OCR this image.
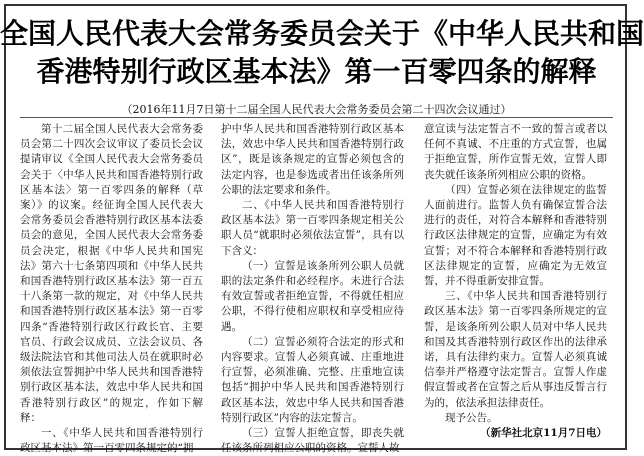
全国人民代表大会常务委员会关于《中华人民共和国
香港特别行政区基本法》第一百零四条的解释
（2016年11月7日第十二届全国人民代表大会常务委员会第二十四次会议通过）

第十二届全国人民代表大会常务委员会第二十四次会议审议了委员长会议提请审议《全国人民代表大会常务委员会关于〈中华人民共和国香港特别行政区基本法〉第一百零四条的解释（草案）》的议案。经征询全国人民代表大会常务委员会香港特别行政区基本法委员会的意见，全国人民代表大会常务委员会决定，根据《中华人民共和国宪法》第六十七条第四项和《中华人民共和国香港特别行政区基本法》第一百五十八条第一款的规定，对《中华人民共和国香港特别行政区基本法》第一百零四条“香港特别行政区行政长官、主要官员、行政会议成员、立法会议员、各级法院法官和其他司法人员在就职时必须依法宣誓拥护中华人民共和国香港特别行政区基本法，效忠中华人民共和国香港特别行政区”的规定，作如下解释：

一、《中华人民共和国香港特别行政区基本法》第一百零四条规定的“拥

护中华人民共和国香港特别行政区基本法，效忠中华人民共和国香港特别行政区”，既是该条规定的宣誓必须包含的法定内容，也是参选或者出任该条所列公职的法定要求和条件。

二、《中华人民共和国香港特别行政区基本法》第一百零四条规定相关公职人员“就职时必须依法宣誓”，具有以下含义：

（一）宣誓是该条所列公职人员就职的法定条件和必经程序。未进行合法有效宣誓或者拒绝宣誓，不得就任相应公职，不得行使相应职权和享受相应待遇。

（二）宣誓必须符合法定的形式和内容要求。宣誓人必须真诚、庄重地进行宣誓，必须准确、完整、庄重地宣读包括“拥护中华人民共和国香港特别行政区基本法，效忠中华人民共和国香港特别行政区”内容的法定誓言。

（三）宣誓人拒绝宣誓，即丧失就任该条所列相应公职的资格。宣誓人故

意宣读与法定誓言不一致的誓言或者以任何不真诚、不庄重的方式宣誓，也属于拒绝宣誓，所作宣誓无效，宣誓人即丧失就任该条所列相应公职的资格。

（四）宣誓必须在法律规定的监誓人面前进行。监誓人负有确保宣誓合法进行的责任，对符合本解释和香港特别行政区法律规定的宣誓，应确定为有效宣誓；对不符合本解释和香港特别行政区法律规定的宣誓，应确定为无效宣誓，并不得重新安排宣誓。

三、《中华人民共和国香港特别行政区基本法》第一百零四条所规定的宣誓，是该条所列公职人员对中华人民共和国及其香港特别行政区作出的法律承诺，具有法律约束力。宣誓人必须真诚信奉并严格遵守法定誓言。宣誓人作虚假宣誓或者在宣誓之后从事违反誓言行为的，依法承担法律责任。

现予公告。

（新华社北京11月7日电）
